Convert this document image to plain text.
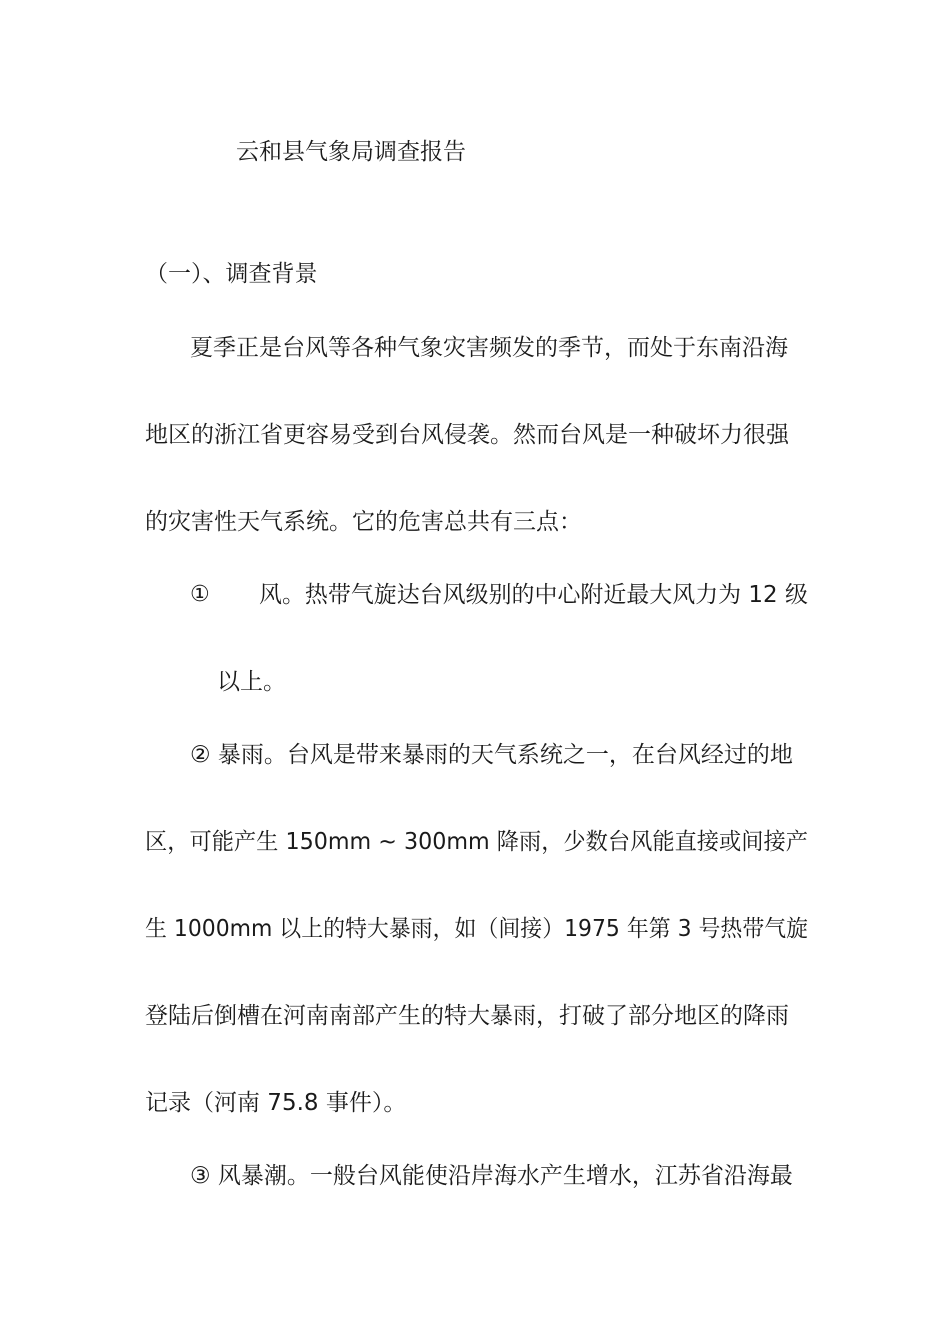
云和县气象局调查报告
（一）、调查背景
夏季正是台风等各种气象灾害频发的季节，而处于东南沿海
地区的浙江省更容易受到台风侵袭。然而台风是一种破坏力很强
的灾害性天气系统。它的危害总共有三点：
① 风。热带气旋达台风级别的中心附近最大风力为 12 级
以上。
② 暴雨。台风是带来暴雨的天气系统之一，在台风经过的地
区，可能产生 150mm ~ 300mm 降雨，少数台风能直接或间接产
生 1000mm 以上的特大暴雨，如（间接）1975 年第 3 号热带气旋
登陆后倒槽在河南南部产生的特大暴雨，打破了部分地区的降雨
记录（河南 75.8 事件）。
③ 风暴潮。一般台风能使沿岸海水产生增水，江苏省沿海最
